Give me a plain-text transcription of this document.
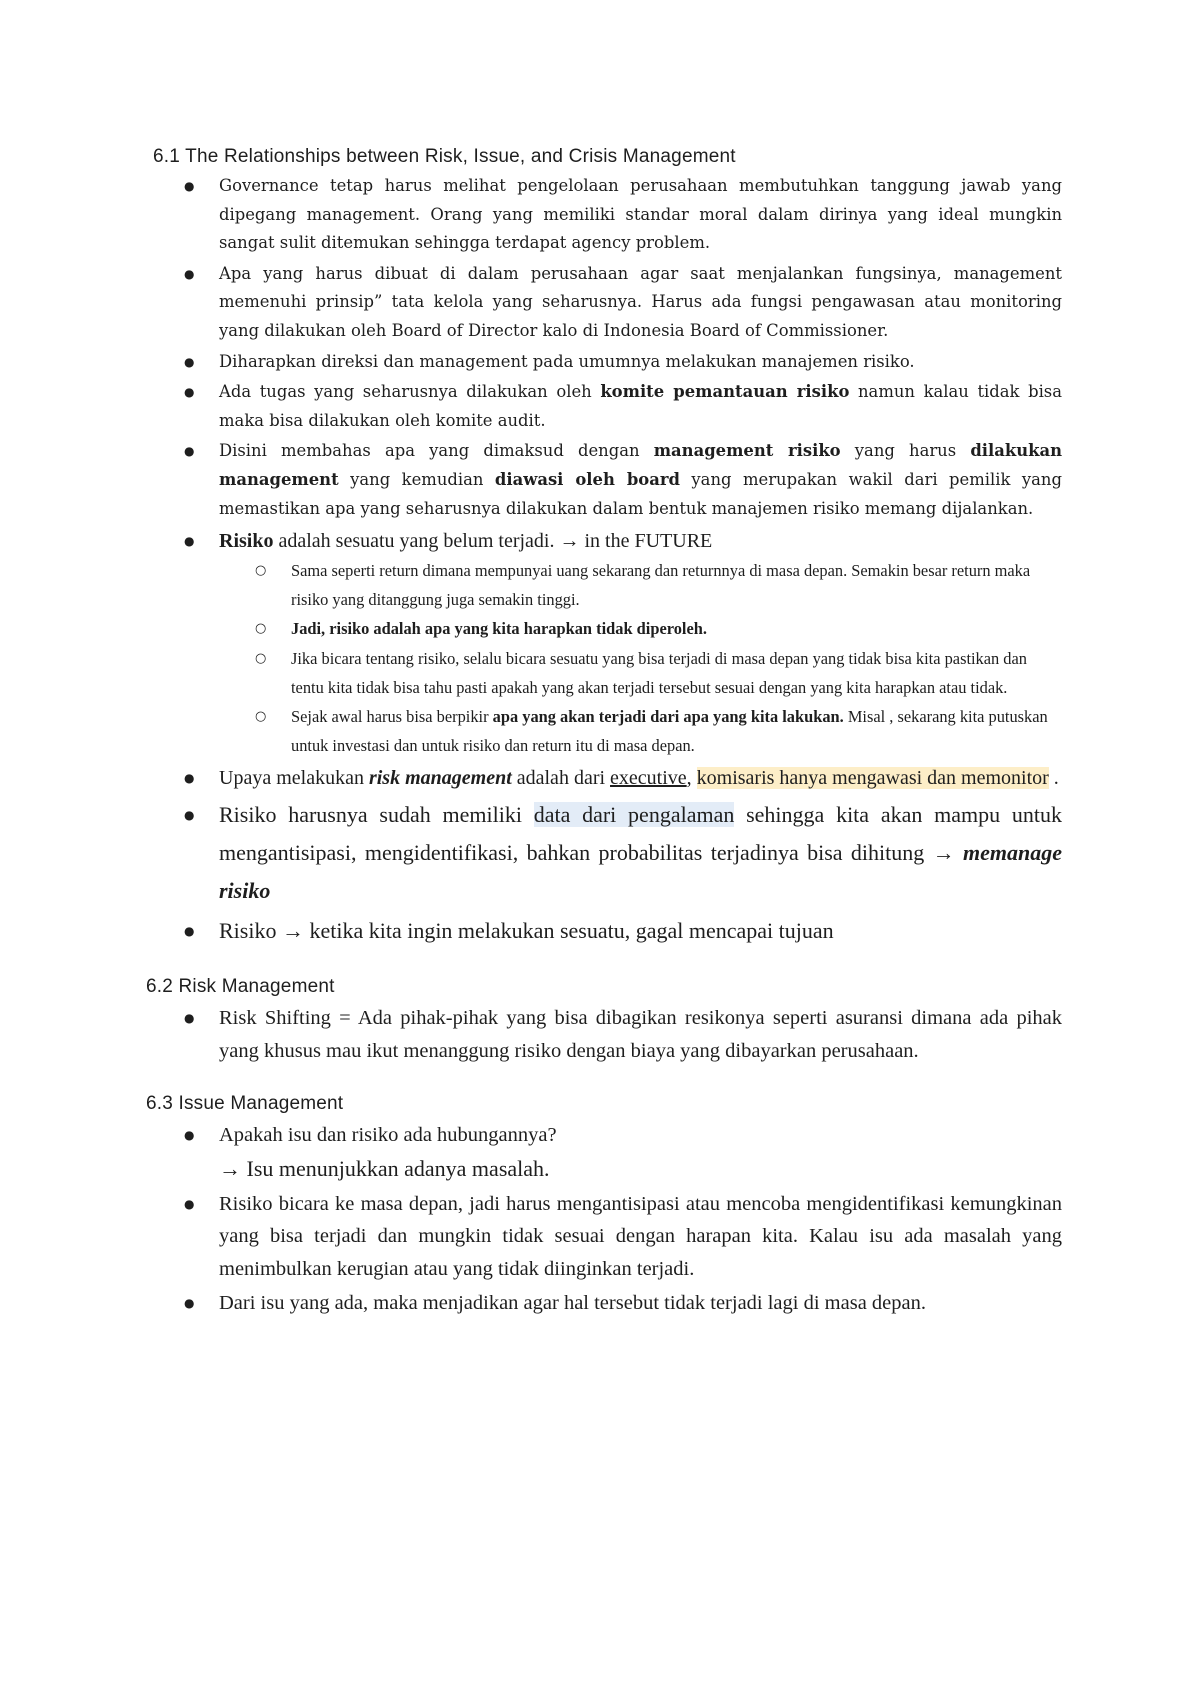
6.1 The Relationships between Risk, Issue, and Crisis Management
● Governance tetap harus melihat pengelolaan perusahaan membutuhkan tanggung jawab yang dipegang management. Orang yang memiliki standar moral dalam dirinya yang ideal mungkin sangat sulit ditemukan sehingga terdapat agency problem.
● Apa yang harus dibuat di dalam perusahaan agar saat menjalankan fungsinya, management memenuhi prinsip” tata kelola yang seharusnya. Harus ada fungsi pengawasan atau monitoring yang dilakukan oleh Board of Director kalo di Indonesia Board of Commissioner.
● Diharapkan direksi dan management pada umumnya melakukan manajemen risiko.
● Ada tugas yang seharusnya dilakukan oleh komite pemantauan risiko namun kalau tidak bisa maka bisa dilakukan oleh komite audit.
● Disini membahas apa yang dimaksud dengan management risiko yang harus dilakukan management yang kemudian diawasi oleh board yang merupakan wakil dari pemilik yang memastikan apa yang seharusnya dilakukan dalam bentuk manajemen risiko memang dijalankan.
● Risiko adalah sesuatu yang belum terjadi. → in the FUTURE
○ Sama seperti return dimana mempunyai uang sekarang dan returnnya di masa depan. Semakin besar return maka risiko yang ditanggung juga semakin tinggi.
○ Jadi, risiko adalah apa yang kita harapkan tidak diperoleh.
○ Jika bicara tentang risiko, selalu bicara sesuatu yang bisa terjadi di masa depan yang tidak bisa kita pastikan dan tentu kita tidak bisa tahu pasti apakah yang akan terjadi tersebut sesuai dengan yang kita harapkan atau tidak.
○ Sejak awal harus bisa berpikir apa yang akan terjadi dari apa yang kita lakukan. Misal , sekarang kita putuskan untuk investasi dan untuk risiko dan return itu di masa depan.
● Upaya melakukan risk management adalah dari executive, komisaris hanya mengawasi dan memonitor .
● Risiko harusnya sudah memiliki data dari pengalaman sehingga kita akan mampu untuk mengantisipasi, mengidentifikasi, bahkan probabilitas terjadinya bisa dihitung → memanage risiko
● Risiko → ketika kita ingin melakukan sesuatu, gagal mencapai tujuan
6.2 Risk Management
● Risk Shifting = Ada pihak-pihak yang bisa dibagikan resikonya seperti asuransi dimana ada pihak yang khusus mau ikut menanggung risiko dengan biaya yang dibayarkan perusahaan.
6.3 Issue Management
● Apakah isu dan risiko ada hubungannya?
→ Isu menunjukkan adanya masalah.
● Risiko bicara ke masa depan, jadi harus mengantisipasi atau mencoba mengidentifikasi kemungkinan yang bisa terjadi dan mungkin tidak sesuai dengan harapan kita. Kalau isu ada masalah yang menimbulkan kerugian atau yang tidak diinginkan terjadi.
● Dari isu yang ada, maka menjadikan agar hal tersebut tidak terjadi lagi di masa depan.
